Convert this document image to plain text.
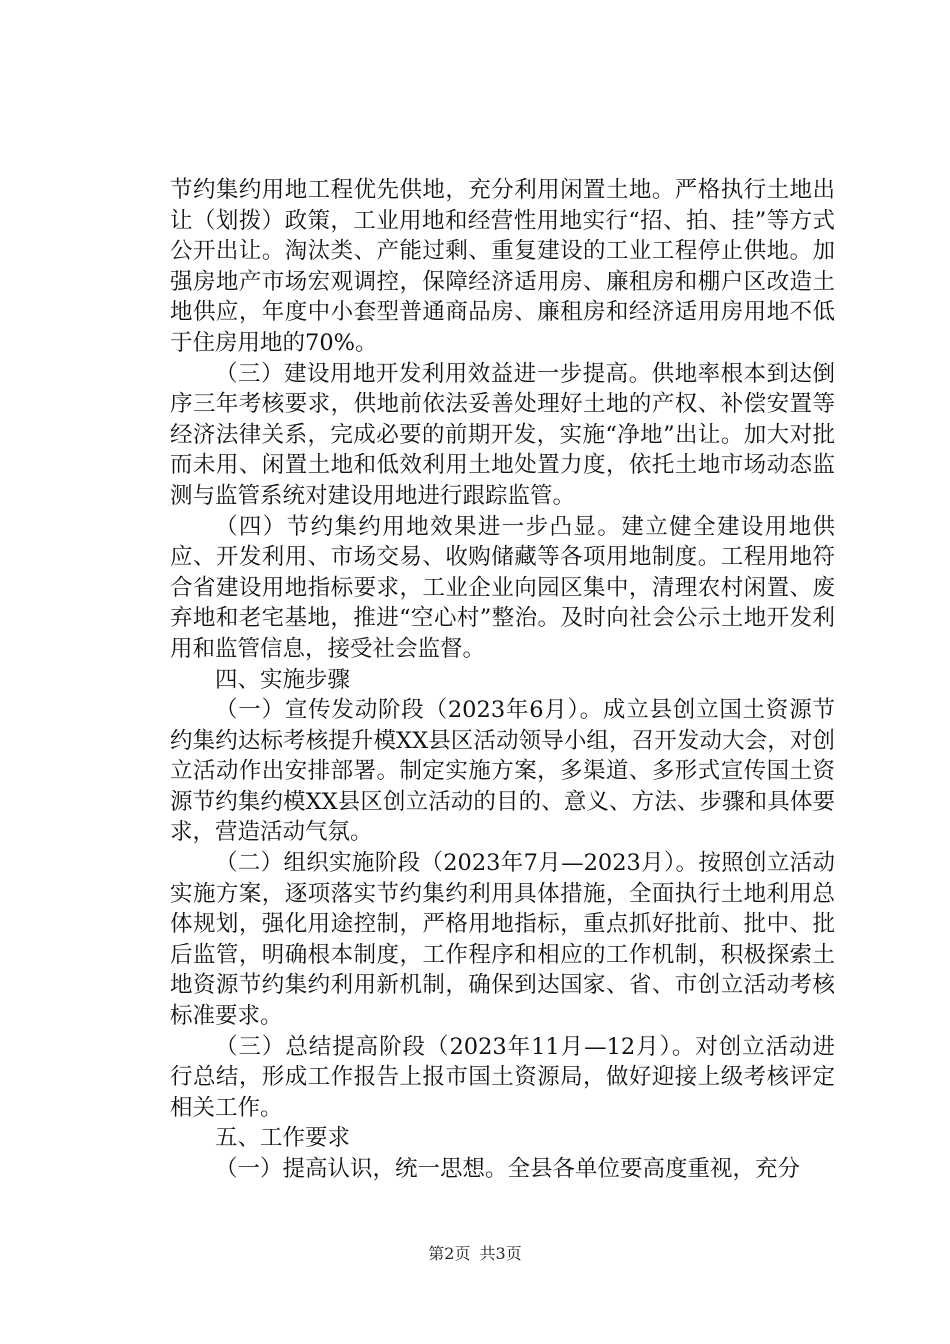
节约集约用地工程优先供地，充分利用闲置土地。严格执行土地出让（划拨）政策，工业用地和经营性用地实行“招、拍、挂”等方式公开出让。淘汰类、产能过剩、重复建设的工业工程停止供地。加强房地产市场宏观调控，保障经济适用房、廉租房和棚户区改造土地供应，年度中小套型普通商品房、廉租房和经济适用房用地不低于住房用地的70%。

（三）建设用地开发利用效益进一步提高。供地率根本到达倒序三年考核要求，供地前依法妥善处理好土地的产权、补偿安置等经济法律关系，完成必要的前期开发，实施“净地”出让。加大对批而未用、闲置土地和低效利用土地处置力度，依托土地市场动态监测与监管系统对建设用地进行跟踪监管。

（四）节约集约用地效果进一步凸显。建立健全建设用地供应、开发利用、市场交易、收购储藏等各项用地制度。工程用地符合省建设用地指标要求，工业企业向园区集中，清理农村闲置、废弃地和老宅基地，推进“空心村”整治。及时向社会公示土地开发利用和监管信息，接受社会监督。

四、实施步骤

（一）宣传发动阶段（2023年6月）。成立县创立国土资源节约集约达标考核提升模XX县区活动领导小组，召开发动大会，对创立活动作出安排部署。制定实施方案，多渠道、多形式宣传国土资源节约集约模XX县区创立活动的目的、意义、方法、步骤和具体要求，营造活动气氛。

（二）组织实施阶段（2023年7月—2023月）。按照创立活动实施方案，逐项落实节约集约利用具体措施，全面执行土地利用总体规划，强化用途控制，严格用地指标，重点抓好批前、批中、批后监管，明确根本制度，工作程序和相应的工作机制，积极探索土地资源节约集约利用新机制，确保到达国家、省、市创立活动考核标准要求。

（三）总结提高阶段（2023年11月—12月）。对创立活动进行总结，形成工作报告上报市国土资源局，做好迎接上级考核评定相关工作。

五、工作要求

（一）提高认识，统一思想。全县各单位要高度重视，充分

第2页 共3页
